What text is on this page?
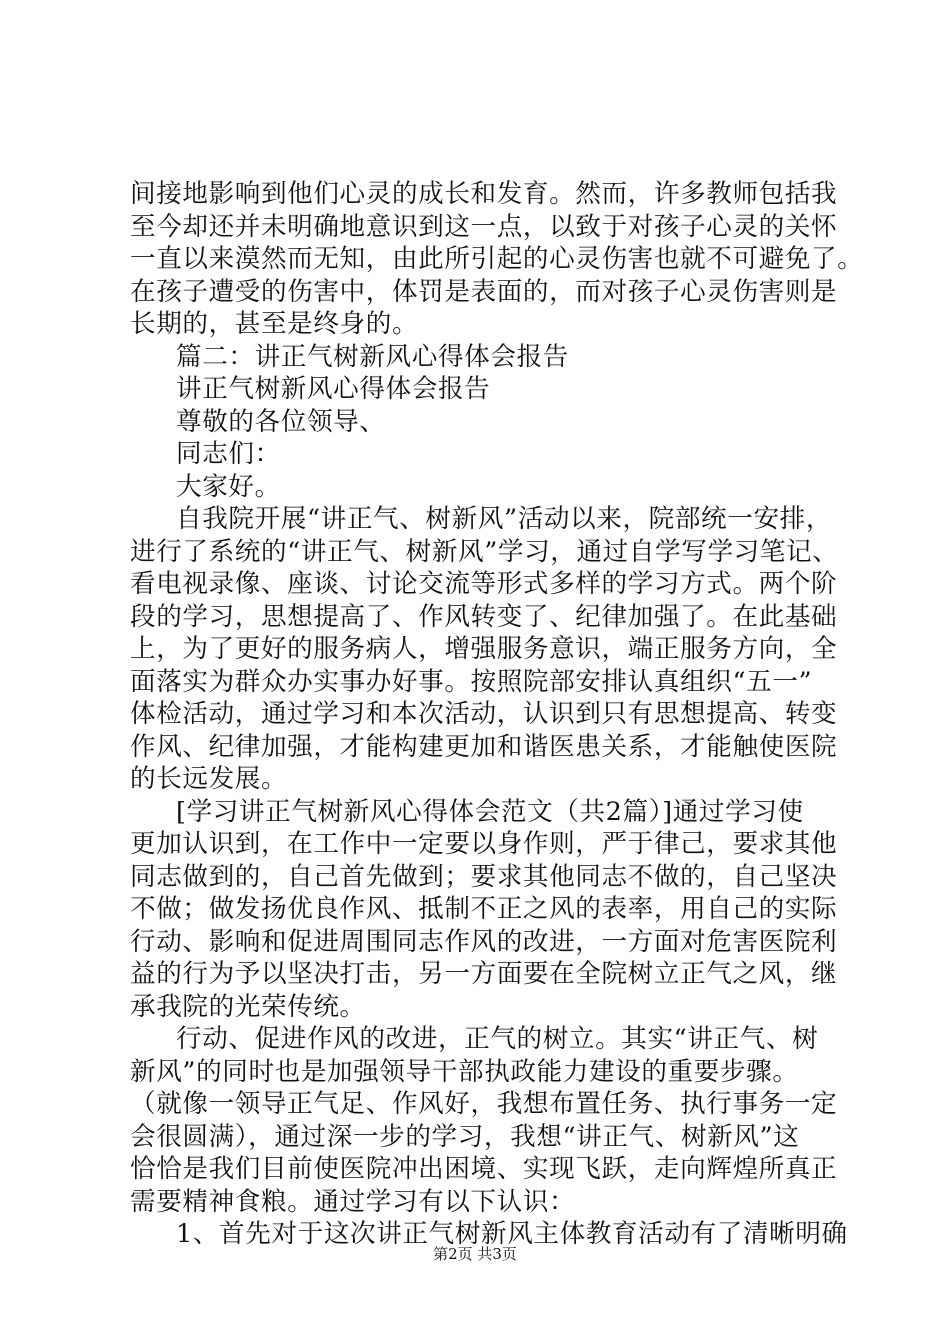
间接地影响到他们心灵的成长和发育。然而，许多教师包括我
至今却还并未明确地意识到这一点，以致于对孩子心灵的关怀
一直以来漠然而无知，由此所引起的心灵伤害也就不可避免了。
在孩子遭受的伤害中，体罚是表面的，而对孩子心灵伤害则是
长期的，甚至是终身的。
篇二：讲正气树新风心得体会报告
讲正气树新风心得体会报告
尊敬的各位领导、
同志们：
大家好。
自我院开展“讲正气、树新风”活动以来，院部统一安排，
进行了系统的“讲正气、树新风”学习，通过自学写学习笔记、
看电视录像、座谈、讨论交流等形式多样的学习方式。两个阶
段的学习，思想提高了、作风转变了、纪律加强了。在此基础
上，为了更好的服务病人，增强服务意识，端正服务方向，全
面落实为群众办实事办好事。按照院部安排认真组织“五一”
体检活动，通过学习和本次活动，认识到只有思想提高、转变
作风、纪律加强，才能构建更加和谐医患关系，才能触使医院
的长远发展。
[学习讲正气树新风心得体会范文（共2篇）]通过学习使
更加认识到，在工作中一定要以身作则，严于律己，要求其他
同志做到的，自己首先做到；要求其他同志不做的，自己坚决
不做；做发扬优良作风、抵制不正之风的表率，用自己的实际
行动、影响和促进周围同志作风的改进，一方面对危害医院利
益的行为予以坚决打击，另一方面要在全院树立正气之风，继
承我院的光荣传统。
行动、促进作风的改进，正气的树立。其实“讲正气、树
新风”的同时也是加强领导干部执政能力建设的重要步骤。
（就像一领导正气足、作风好，我想布置任务、执行事务一定
会很圆满），通过深一步的学习，我想“讲正气、树新风”这
恰恰是我们目前使医院冲出困境、实现飞跃，走向辉煌所真正
需要精神食粮。通过学习有以下认识：
1、首先对于这次讲正气树新风主体教育活动有了清晰明确
第2页 共3页
